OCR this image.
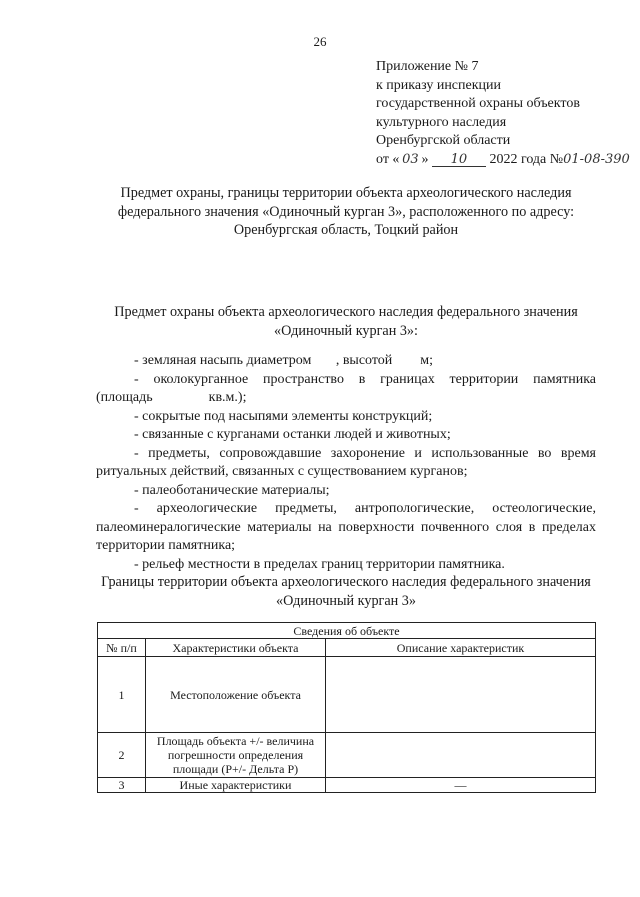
26
Приложение № 7
к приказу инспекции
государственной охраны объектов
культурного наследия
Оренбургской области
от « 03 » 10 2022 года №01-08-390
Предмет охраны, границы территории объекта археологического наследия федерального значения «Одиночный курган 3», расположенного по адресу: Оренбургская область, Тоцкий район
Предмет охраны объекта археологического наследия федерального значения «Одиночный курган 3»:

- земляная насыпь диаметром       , высотой        м;

- околокурганное пространство в границах территории памятника

(площадь                кв.м.);

- сокрытые под насыпями элементы конструкций;

- связанные с курганами останки людей и животных;

- предметы, сопровождавшие захоронение и использованные во время ритуальных действий, связанных с существованием курганов;

- палеоботанические материалы;

- археологические предметы, антропологические, остеологические, палеоминералогические материалы на поверхности почвенного слоя в пределах территории памятника;

- рельеф местности в пределах границ территории памятника.

Границы территории объекта археологического наследия федерального значения «Одиночный курган 3»
Сведения об объекте		
№ п/п	Характеристики объекта	Описание характеристик
1	Местоположение объекта	
2	Площадь объекта +/- величина погрешности определения площади (Р+/- Дельта Р)	
3	Иные характеристики	—
